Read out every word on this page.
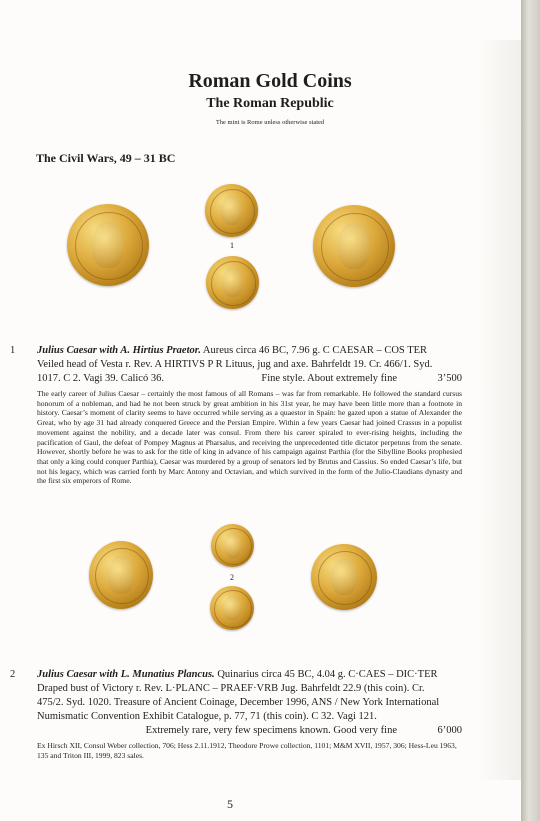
Roman Gold Coins
The Roman Republic
The mint is Rome unless otherwise stated
The Civil Wars, 49 – 31 BC
1
1 Julius Caesar with A. Hirtius Praetor. Aureus circa 46 BC, 7.96 g. C CAESAR – COS TER
Veiled head of Vesta r. Rev. A HIRTIVS P R Lituus, jug and axe. Bahrfeldt 19. Cr. 466/1. Syd.
1017. C 2. Vagi 39. Calicó 36.	Fine style. About extremely fine	3’500
The early career of Julius Caesar – certainly the most famous of all Romans – was far from remarkable. He followed the standard cursus honorum of a nobleman, and had he not been struck by great ambition in his 31st year, he may have been little more than a footnote in history. Caesar’s moment of clarity seems to have occurred while serving as a quaestor in Spain: he gazed upon a statue of Alexander the Great, who by age 31 had already conquered Greece and the Persian Empire. Within a few years Caesar had joined Crassus in a populist movement against the nobility, and a decade later was consul. From there his career spiraled to ever-rising heights, including the pacification of Gaul, the defeat of Pompey Magnus at Pharsalus, and receiving the unprecedented title dictator perpetuus from the senate. However, shortly before he was to ask for the title of king in advance of his campaign against Parthia (for the Sibylline Books prophesied that only a king could conquer Parthia), Caesar was murdered by a group of senators led by Brutus and Cassius. So ended Caesar’s life, but not his legacy, which was carried forth by Marc Antony and Octavian, and which survived in the form of the Julio-Claudians dynasty and the first six emperors of Rome.
2
2 Julius Caesar with L. Munatius Plancus. Quinarius circa 45 BC, 4.04 g. C·CAES – DIC·TER
Draped bust of Victory r. Rev. L·PLANC – PRAEF·VRB Jug. Bahrfeldt 22.9 (this coin). Cr.
475/2. Syd. 1020. Treasure of Ancient Coinage, December 1996, ANS / New York International
Numismatic Convention Exhibit Catalogue, p. 77, 71 (this coin). C 32. Vagi 121.
Extremely rare, very few specimens known. Good very fine	6’000
Ex Hirsch XII, Consul Weber collection, 706; Hess 2.11.1912, Theodore Prowe collection, 1101; M&M XVII, 1957, 306; Hess-Leu 1963, 135 and Triton III, 1999, 823 sales.
5
